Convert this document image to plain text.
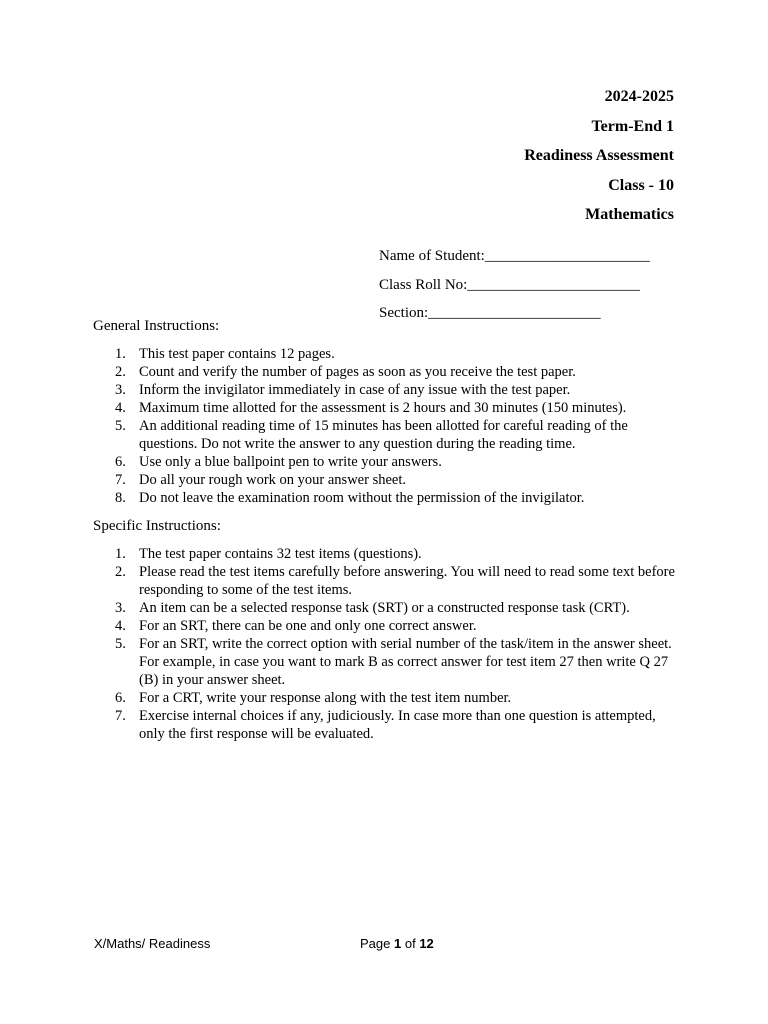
2024-2025
Term-End 1
Readiness Assessment
Class - 10
Mathematics
Name of Student:______________________
Class Roll No:_______________________
Section:_______________________
General Instructions:
1. This test paper contains 12 pages.
2. Count and verify the number of pages as soon as you receive the test paper.
3. Inform the invigilator immediately in case of any issue with the test paper.
4. Maximum time allotted for the assessment is 2 hours and 30 minutes (150 minutes).
5. An additional reading time of 15 minutes has been allotted for careful reading of the questions. Do not write the answer to any question during the reading time.
6. Use only a blue ballpoint pen to write your answers.
7. Do all your rough work on your answer sheet.
8. Do not leave the examination room without the permission of the invigilator.
Specific Instructions:
1. The test paper contains 32 test items (questions).
2. Please read the test items carefully before answering. You will need to read some text before responding to some of the test items.
3. An item can be a selected response task (SRT) or a constructed response task (CRT).
4. For an SRT, there can be one and only one correct answer.
5. For an SRT, write the correct option with serial number of the task/item in the answer sheet. For example, in case you want to mark B as correct answer for test item 27 then write Q 27 (B) in your answer sheet.
6. For a CRT, write your response along with the test item number.
7. Exercise internal choices if any, judiciously. In case more than one question is attempted, only the first response will be evaluated.
X/Maths/ Readiness	Page 1 of 12
